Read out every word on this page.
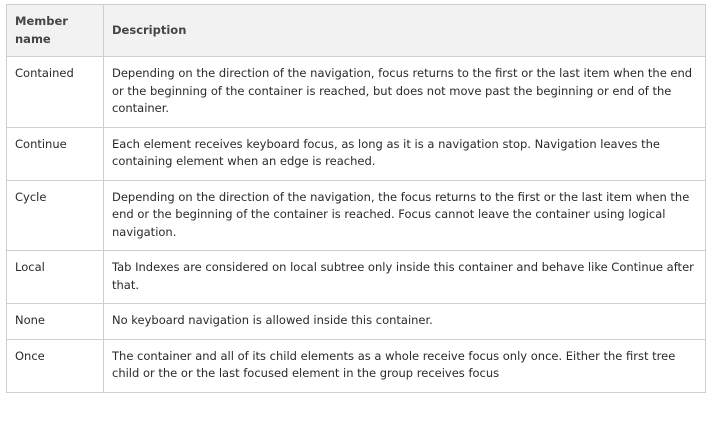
Member name	Description
Contained	Depending on the direction of the navigation, focus returns to the first or the last item when the end or the beginning of the container is reached, but does not move past the beginning or end of the container.
Continue	Each element receives keyboard focus, as long as it is a navigation stop. Navigation leaves the containing element when an edge is reached.
Cycle	Depending on the direction of the navigation, the focus returns to the first or the last item when the end or the beginning of the container is reached. Focus cannot leave the container using logical navigation.
Local	Tab Indexes are considered on local subtree only inside this container and behave like Continue after that.
None	No keyboard navigation is allowed inside this container.
Once	The container and all of its child elements as a whole receive focus only once. Either the first tree child or the or the last focused element in the group receives focus
